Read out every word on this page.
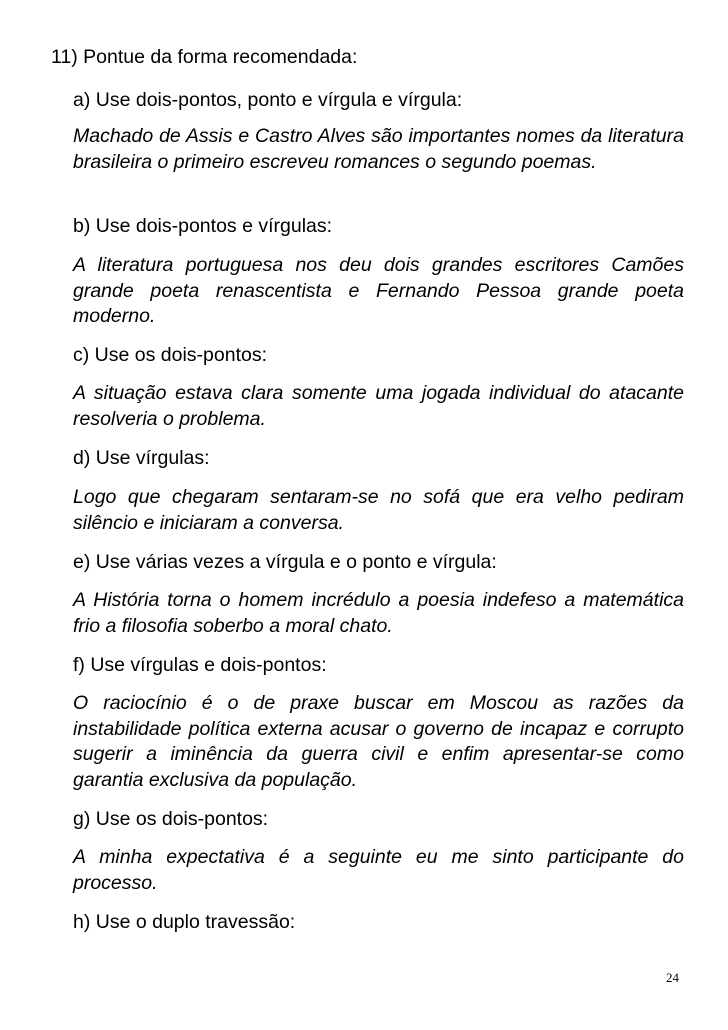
11) Pontue da forma recomendada:
a) Use dois-pontos, ponto e vírgula e vírgula:

Machado de Assis e Castro Alves são importantes nomes da literatura brasileira o primeiro escreveu romances o segundo poemas.

b) Use dois-pontos e vírgulas:

A literatura portuguesa nos deu dois grandes escritores Camões grande poeta renascentista e Fernando Pessoa grande poeta moderno.

c) Use os dois-pontos:

A situação estava clara somente uma jogada individual do atacante resolveria o problema.

d) Use vírgulas:

Logo que chegaram sentaram-se no sofá que era velho pediram silêncio e iniciaram a conversa.

e) Use várias vezes a vírgula e o ponto e vírgula:

A História torna o homem incrédulo a poesia indefeso a matemática frio a filosofia soberbo a moral chato.

f) Use vírgulas e dois-pontos:

O raciocínio é o de praxe buscar em Moscou as razões da instabilidade política externa acusar o governo de incapaz e corrupto sugerir a iminência da guerra civil e enfim apresentar-se como garantia exclusiva da população.

g) Use os dois-pontos:

A minha expectativa é a seguinte eu me sinto participante do processo.

h) Use o duplo travessão:
24
